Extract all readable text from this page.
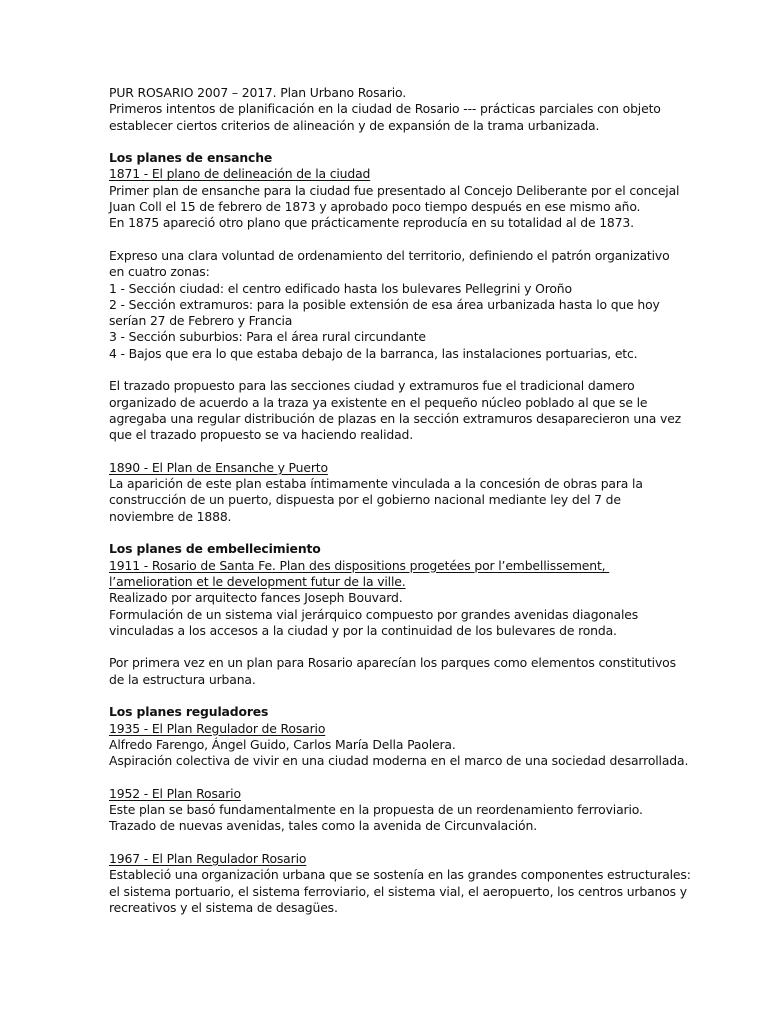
PUR ROSARIO 2007 – 2017. Plan Urbano Rosario.
Primeros intentos de planificación en la ciudad de Rosario --- prácticas parciales con objeto
establecer ciertos criterios de alineación y de expansión de la trama urbanizada.
Los planes de ensanche
1871 - El plano de delineación de la ciudad
Primer plan de ensanche para la ciudad fue presentado al Concejo Deliberante por el concejal
Juan Coll el 15 de febrero de 1873 y aprobado poco tiempo después en ese mismo año.
En 1875 apareció otro plano que prácticamente reproducía en su totalidad al de 1873.
Expreso una clara voluntad de ordenamiento del territorio, definiendo el patrón organizativo
en cuatro zonas:
1 - Sección ciudad: el centro edificado hasta los bulevares Pellegrini y Oroño
2 - Sección extramuros: para la posible extensión de esa área urbanizada hasta lo que hoy
serían 27 de Febrero y Francia
3 - Sección suburbios: Para el área rural circundante
4 - Bajos que era lo que estaba debajo de la barranca, las instalaciones portuarias, etc.
El trazado propuesto para las secciones ciudad y extramuros fue el tradicional damero
organizado de acuerdo a la traza ya existente en el pequeño núcleo poblado al que se le
agregaba una regular distribución de plazas en la sección extramuros desaparecieron una vez
que el trazado propuesto se va haciendo realidad.
1890 - El Plan de Ensanche y Puerto
La aparición de este plan estaba íntimamente vinculada a la concesión de obras para la
construcción de un puerto, dispuesta por el gobierno nacional mediante ley del 7 de
noviembre de 1888.
Los planes de embellecimiento
1911 - Rosario de Santa Fe. Plan des dispositions progetées por l’embellissement,
l’amelioration et le development futur de la ville.
Realizado por arquitecto fances Joseph Bouvard.
Formulación de un sistema vial jerárquico compuesto por grandes avenidas diagonales
vinculadas a los accesos a la ciudad y por la continuidad de los bulevares de ronda.
Por primera vez en un plan para Rosario aparecían los parques como elementos constitutivos
de la estructura urbana.
Los planes reguladores
1935 - El Plan Regulador de Rosario
Alfredo Farengo, Ángel Guido, Carlos María Della Paolera.
Aspiración colectiva de vivir en una ciudad moderna en el marco de una sociedad desarrollada.
1952 - El Plan Rosario
Este plan se basó fundamentalmente en la propuesta de un reordenamiento ferroviario.
Trazado de nuevas avenidas, tales como la avenida de Circunvalación.
1967 - El Plan Regulador Rosario
Estableció una organización urbana que se sostenía en las grandes componentes estructurales:
el sistema portuario, el sistema ferroviario, el sistema vial, el aeropuerto, los centros urbanos y
recreativos y el sistema de desagües.
